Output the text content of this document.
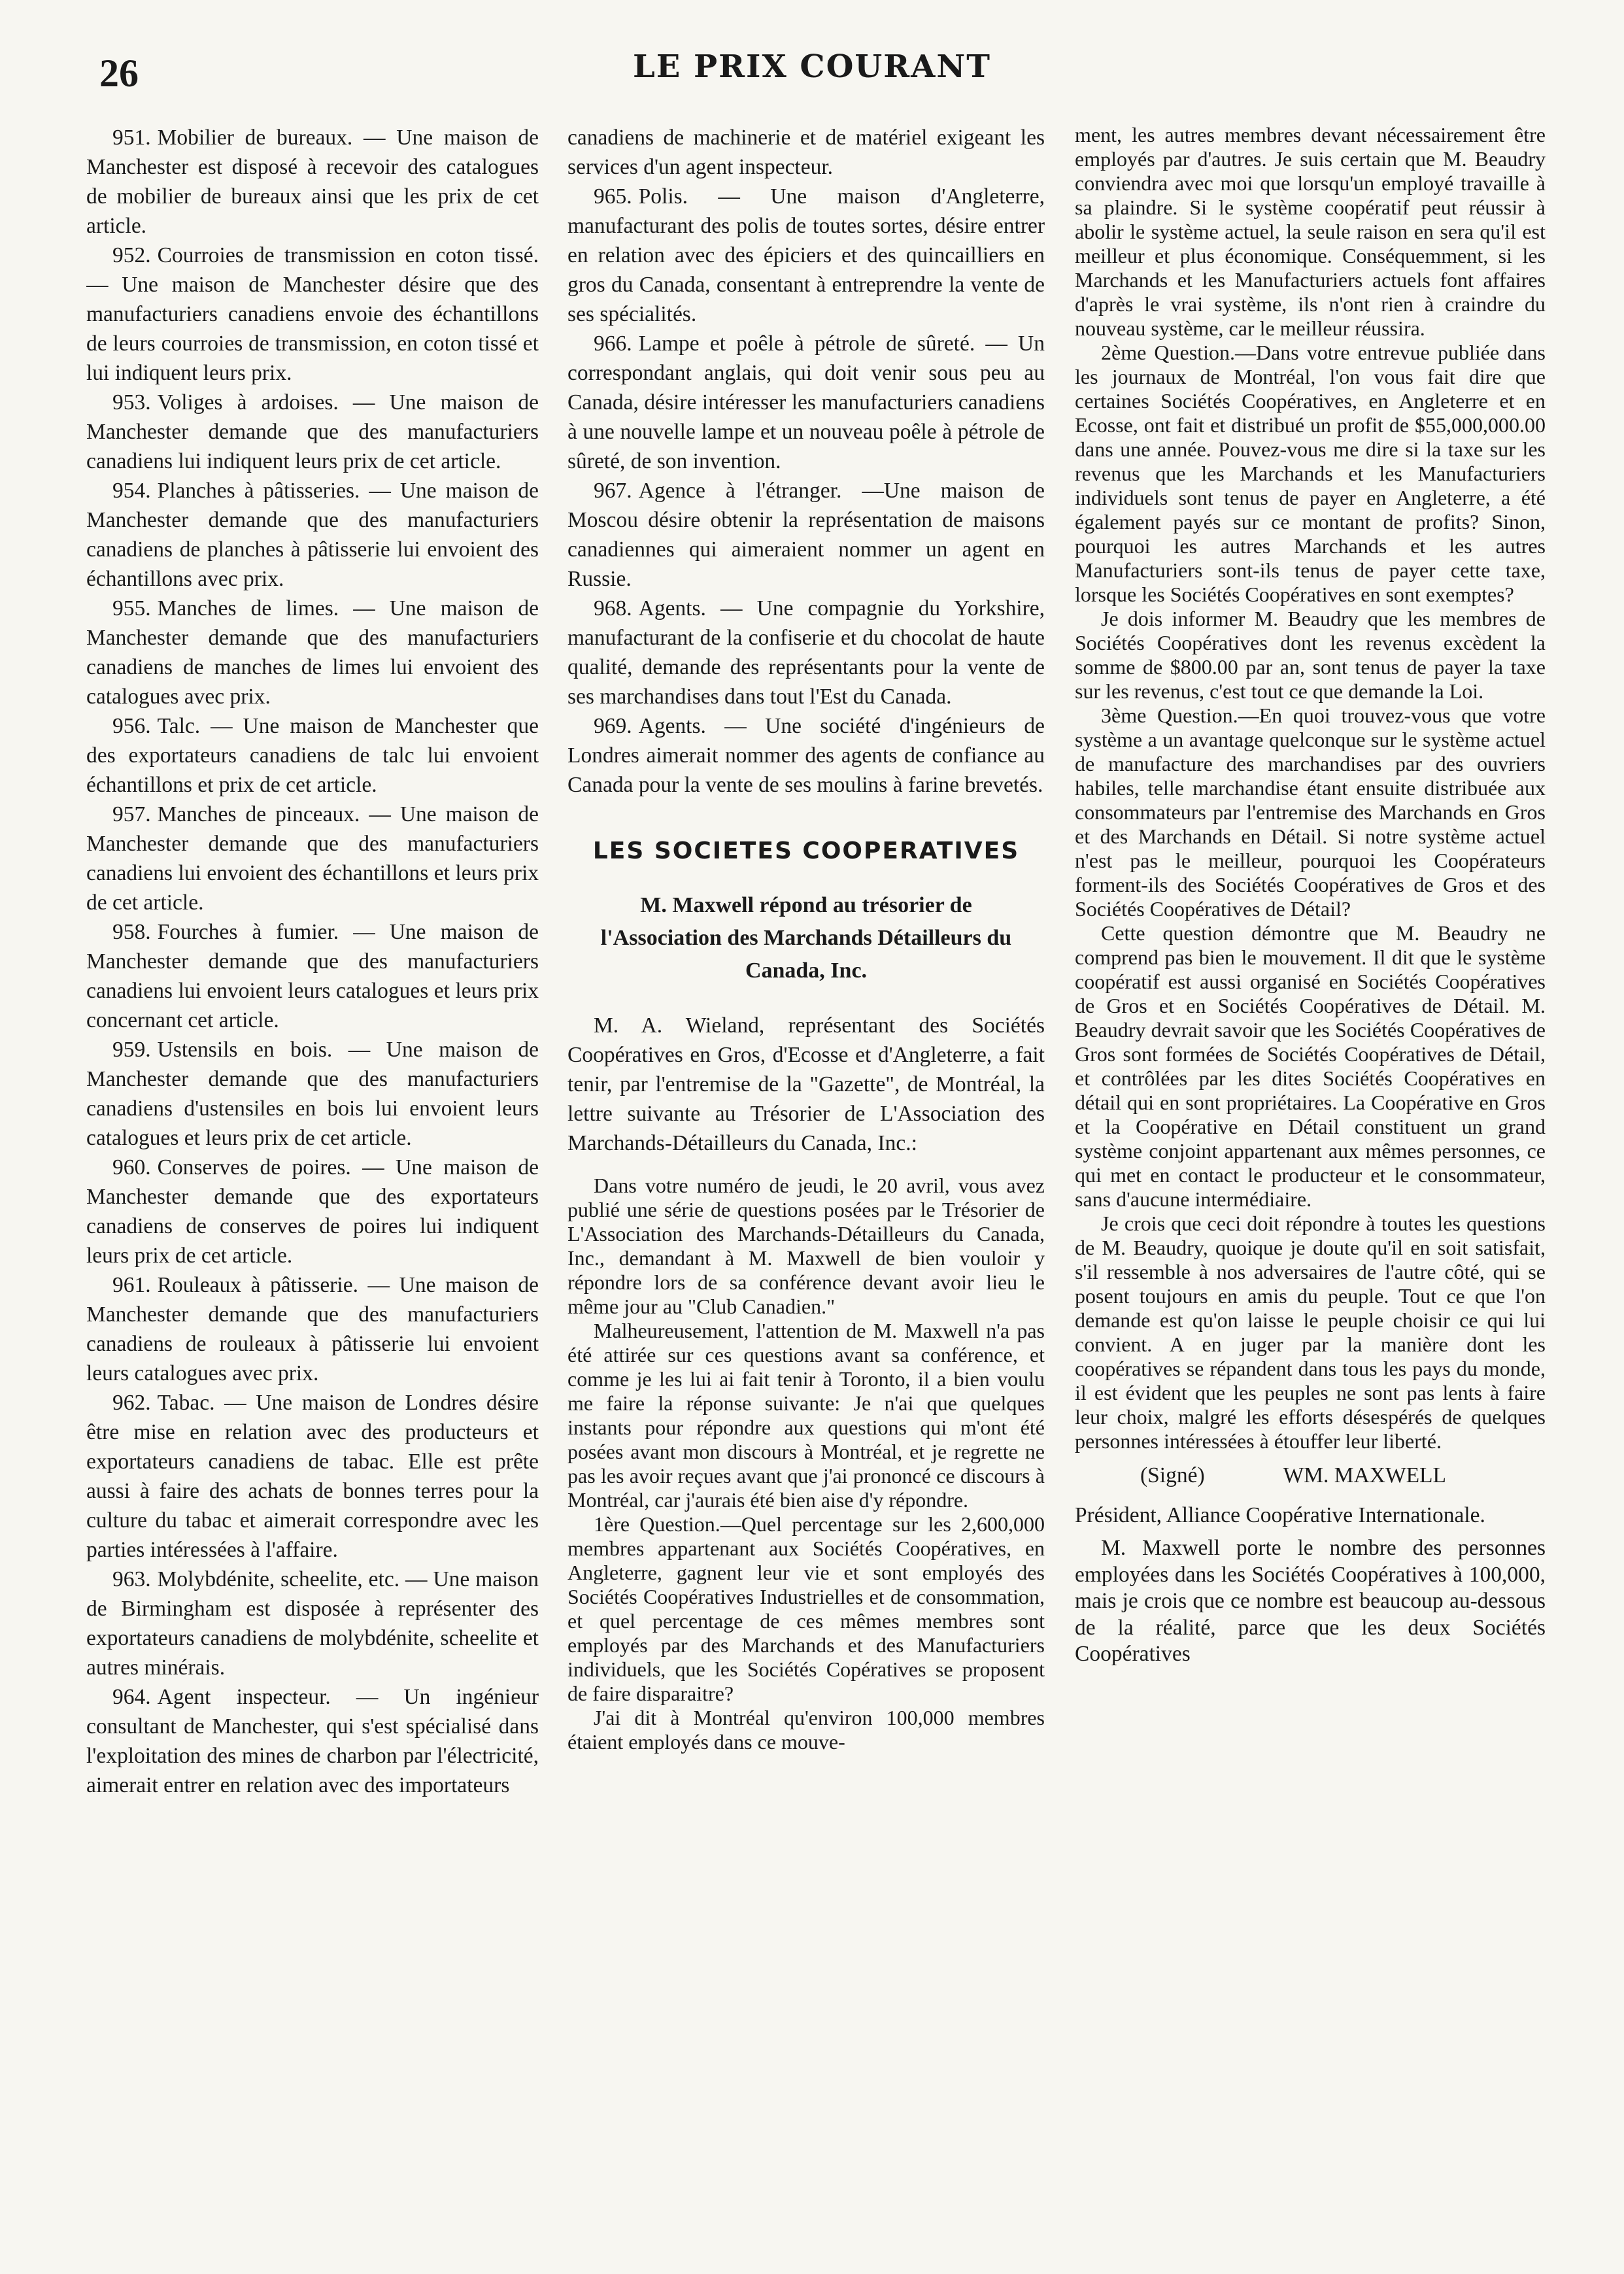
26	LE PRIX COURANT

951. Mobilier de bureaux. — Une maison de Manchester est disposé à recevoir des catalogues de mobilier de bureaux ainsi que les prix de cet article.

952. Courroies de transmission en coton tissé. — Une maison de Manchester désire que des manufacturiers canadiens envoie des échantillons de leurs courroies de transmission, en coton tissé et lui indiquent leurs prix.

953. Voliges à ardoises. — Une maison de Manchester demande que des manufacturiers canadiens lui indiquent leurs prix de cet article.

954. Planches à pâtisseries. — Une maison de Manchester demande que des manufacturiers canadiens de planches à pâtisserie lui envoient des échantillons avec prix.

955. Manches de limes. — Une maison de Manchester demande que des manufacturiers canadiens de manches de limes lui envoient des catalogues avec prix.

956. Talc. — Une maison de Manchester que des exportateurs canadiens de talc lui envoient échantillons et prix de cet article.

957. Manches de pinceaux. — Une maison de Manchester demande que des manufacturiers canadiens lui envoient des échantillons et leurs prix de cet article.

958. Fourches à fumier. — Une maison de Manchester demande que des manufacturiers canadiens lui envoient leurs catalogues et leurs prix concernant cet article.

959. Ustensils en bois. — Une maison de Manchester demande que des manufacturiers canadiens d'ustensiles en bois lui envoient leurs catalogues et leurs prix de cet article.

960. Conserves de poires. — Une maison de Manchester demande que des exportateurs canadiens de conserves de poires lui indiquent leurs prix de cet article.

961. Rouleaux à pâtisserie. — Une maison de Manchester demande que des manufacturiers canadiens de rouleaux à pâtisserie lui envoient leurs catalogues avec prix.

962. Tabac. — Une maison de Londres désire être mise en relation avec des producteurs et exportateurs canadiens de tabac. Elle est prête aussi à faire des achats de bonnes terres pour la culture du tabac et aimerait correspondre avec les parties intéressées à l'affaire.

963. Molybdénite, scheelite, etc. — Une maison de Birmingham est disposée à représenter des exportateurs canadiens de molybdénite, scheelite et autres minérais.

964. Agent inspecteur. — Un ingénieur consultant de Manchester, qui s'est spécialisé dans l'exploitation des mines de charbon par l'électricité, aimerait entrer en relation avec des importateurs

canadiens de machinerie et de matériel exigeant les services d'un agent inspecteur.

965. Polis. — Une maison d'Angleterre, manufacturant des polis de toutes sortes, désire entrer en relation avec des épiciers et des quincailliers en gros du Canada, consentant à entreprendre la vente de ses spécialités.

966. Lampe et poêle à pétrole de sûreté. — Un correspondant anglais, qui doit venir sous peu au Canada, désire intéresser les manufacturiers canadiens à une nouvelle lampe et un nouveau poêle à pétrole de sûreté, de son invention.

967. Agence à l'étranger. —Une maison de Moscou désire obtenir la représentation de maisons canadiennes qui aimeraient nommer un agent en Russie.

968. Agents. — Une compagnie du Yorkshire, manufacturant de la confiserie et du chocolat de haute qualité, demande des représentants pour la vente de ses marchandises dans tout l'Est du Canada.

969. Agents. — Une société d'ingénieurs de Londres aimerait nommer des agents de confiance au Canada pour la vente de ses moulins à farine brevetés.

LES SOCIETES COOPERATIVES

M. Maxwell répond au trésorier de l'Association des Marchands Détailleurs du Canada, Inc.

M. A. Wieland, représentant des Sociétés Coopératives en Gros, d'Ecosse et d'Angleterre, a fait tenir, par l'entremise de la "Gazette", de Montréal, la lettre suivante au Trésorier de L'Association des Marchands-Détailleurs du Canada, Inc.:

Dans votre numéro de jeudi, le 20 avril, vous avez publié une série de questions posées par le Trésorier de L'Association des Marchands-Détailleurs du Canada, Inc., demandant à M. Maxwell de bien vouloir y répondre lors de sa conférence devant avoir lieu le même jour au "Club Canadien."

Malheureusement, l'attention de M. Maxwell n'a pas été attirée sur ces questions avant sa conférence, et comme je les lui ai fait tenir à Toronto, il a bien voulu me faire la réponse suivante: Je n'ai que quelques instants pour répondre aux questions qui m'ont été posées avant mon discours à Montréal, et je regrette ne pas les avoir reçues avant que j'ai prononcé ce discours à Montréal, car j'aurais été bien aise d'y répondre.

1ère Question.—Quel percentage sur les 2,600,000 membres appartenant aux Sociétés Coopératives, en Angleterre, gagnent leur vie et sont employés des Sociétés Coopératives Industrielles et de consommation, et quel percentage de ces mêmes membres sont employés par des Marchands et des Manufacturiers individuels, que les Sociétés Copératives se proposent de faire disparaitre?

J'ai dit à Montréal qu'environ 100,000 membres étaient employés dans ce mouve-

ment, les autres membres devant nécessairement être employés par d'autres. Je suis certain que M. Beaudry conviendra avec moi que lorsqu'un employé travaille à sa plaindre. Si le système coopératif peut réussir à abolir le système actuel, la seule raison en sera qu'il est meilleur et plus économique. Conséquemment, si les Marchands et les Manufacturiers actuels font affaires d'après le vrai système, ils n'ont rien à craindre du nouveau système, car le meilleur réussira.

2ème Question.—Dans votre entrevue publiée dans les journaux de Montréal, l'on vous fait dire que certaines Sociétés Coopératives, en Angleterre et en Ecosse, ont fait et distribué un profit de $55,000,000.00 dans une année. Pouvez-vous me dire si la taxe sur les revenus que les Marchands et les Manufacturiers individuels sont tenus de payer en Angleterre, a été également payés sur ce montant de profits? Sinon, pourquoi les autres Marchands et les autres Manufacturiers sont-ils tenus de payer cette taxe, lorsque les Sociétés Coopératives en sont exemptes?

Je dois informer M. Beaudry que les membres de Sociétés Coopératives dont les revenus excèdent la somme de $800.00 par an, sont tenus de payer la taxe sur les revenus, c'est tout ce que demande la Loi.

3ème Question.—En quoi trouvez-vous que votre système a un avantage quelconque sur le système actuel de manufacture des marchandises par des ouvriers habiles, telle marchandise étant ensuite distribuée aux consommateurs par l'entremise des Marchands en Gros et des Marchands en Détail. Si notre système actuel n'est pas le meilleur, pourquoi les Coopérateurs forment-ils des Sociétés Coopératives de Gros et des Sociétés Coopératives de Détail?

Cette question démontre que M. Beaudry ne comprend pas bien le mouvement. Il dit que le système coopératif est aussi organisé en Sociétés Coopératives de Gros et en Sociétés Coopératives de Détail. M. Beaudry devrait savoir que les Sociétés Coopératives de Gros sont formées de Sociétés Coopératives de Détail, et contrôlées par les dites Sociétés Coopératives en détail qui en sont propriétaires. La Coopérative en Gros et la Coopérative en Détail constituent un grand système conjoint appartenant aux mêmes personnes, ce qui met en contact le producteur et le consommateur, sans d'aucune intermédiaire.

Je crois que ceci doit répondre à toutes les questions de M. Beaudry, quoique je doute qu'il en soit satisfait, s'il ressemble à nos adversaires de l'autre côté, qui se posent toujours en amis du peuple. Tout ce que l'on demande est qu'on laisse le peuple choisir ce qui lui convient. A en juger par la manière dont les coopératives se répandent dans tous les pays du monde, il est évident que les peuples ne sont pas lents à faire leur choix, malgré les efforts désespérés de quelques personnes intéressées à étouffer leur liberté.

(Signé)	WM. MAXWELL

Président, Alliance Coopérative Internationale.

M. Maxwell porte le nombre des personnes employées dans les Sociétés Coopératives à 100,000, mais je crois que ce nombre est beaucoup au-dessous de la réalité, parce que les deux Sociétés Coopératives
